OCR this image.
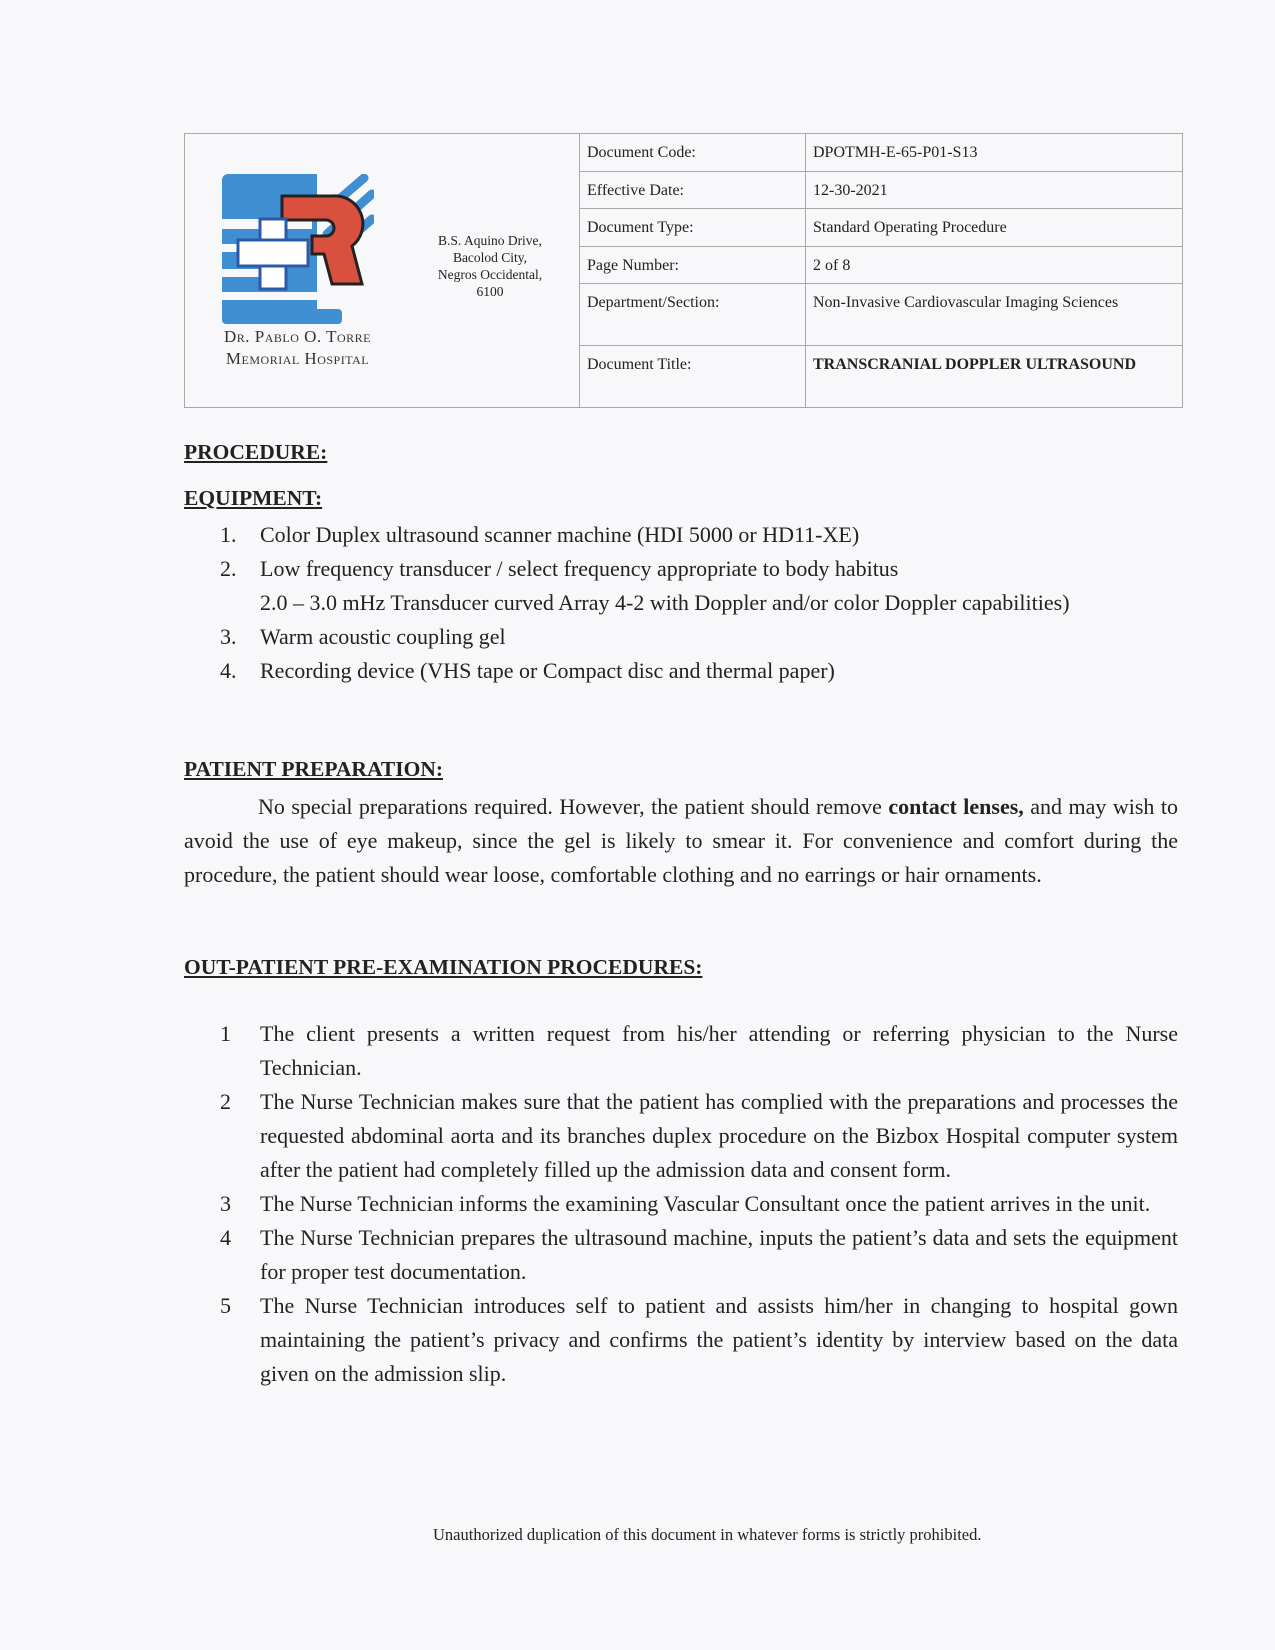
Dr. Pablo O. Torre
Memorial Hospital
B.S. Aquino Drive,
Bacolod City,
Negros Occidental,
6100
Document Code:	DPOTMH-E-65-P01-S13
Effective Date:	12-30-2021
Document Type:	Standard Operating Procedure
Page Number:	2 of 8
Department/Section:	Non-Invasive Cardiovascular Imaging Sciences
Document Title:	TRANSCRANIAL DOPPLER ULTRASOUND
PROCEDURE:
EQUIPMENT:
1.	Color Duplex ultrasound scanner machine (HDI 5000 or HD11-XE)
2.	Low frequency transducer / select frequency appropriate to body habitus
2.0 – 3.0 mHz Transducer curved Array 4-2 with Doppler and/or color Doppler capabilities)
3.	Warm acoustic coupling gel
4.	Recording device (VHS tape or Compact disc and thermal paper)
PATIENT PREPARATION:
No special preparations required. However, the patient should remove contact lenses, and may wish to avoid the use of eye makeup, since the gel is likely to smear it. For convenience and comfort during the procedure, the patient should wear loose, comfortable clothing and no earrings or hair ornaments.
OUT-PATIENT PRE-EXAMINATION PROCEDURES:
1	The client presents a written request from his/her attending or referring physician to the Nurse Technician.
2	The Nurse Technician makes sure that the patient has complied with the preparations and processes the requested abdominal aorta and its branches duplex procedure on the Bizbox Hospital computer system after the patient had completely filled up the admission data and consent form.
3	The Nurse Technician informs the examining Vascular Consultant once the patient arrives in the unit.
4	The Nurse Technician prepares the ultrasound machine, inputs the patient’s data and sets the equipment for proper test documentation.
5	The Nurse Technician introduces self to patient and assists him/her in changing to hospital gown maintaining the patient’s privacy and confirms the patient’s identity by interview based on the data given on the admission slip.
Unauthorized duplication of this document in whatever forms is strictly prohibited.
